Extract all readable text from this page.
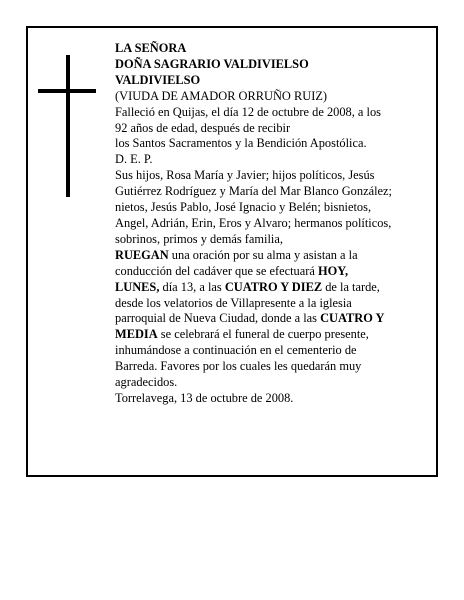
LA SEÑORA
DOÑA SAGRARIO VALDIVIELSO
VALDIVIELSO
(VIUDA DE AMADOR ORRUÑO RUIZ)
Falleció en Quijas, el día 12 de octubre de 2008, a los
92 años de edad, después de recibir
los Santos Sacramentos y la Bendición Apostólica.
D. E. P.
Sus hijos, Rosa María y Javier; hijos políticos, Jesús
Gutiérrez Rodríguez y María del Mar Blanco González;
nietos, Jesús Pablo, José Ignacio y Belén; bisnietos,
Angel, Adrián, Erin, Eros y Alvaro; hermanos políticos,
sobrinos, primos y demás familia,
RUEGAN una oración por su alma y asistan a la
conducción del cadáver que se efectuará HOY,
LUNES, día 13, a las CUATRO Y DIEZ de la tarde,
desde los velatorios de Villapresente a la iglesia
parroquial de Nueva Ciudad, donde a las CUATRO Y
MEDIA se celebrará el funeral de cuerpo presente,
inhumándose a continuación en el cementerio de
Barreda. Favores por los cuales les quedarán muy
agradecidos.
Torrelavega, 13 de octubre de 2008.
